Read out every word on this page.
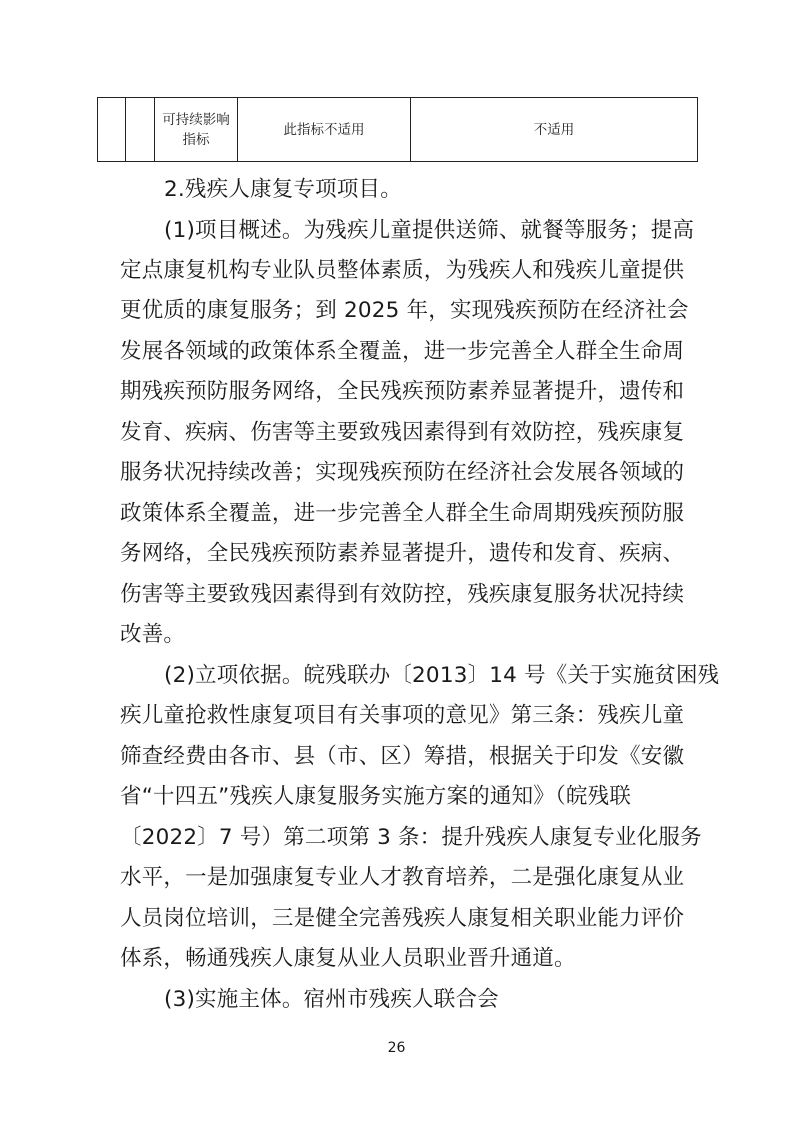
可持续影响
指标
	此指标不适用	不适用
2.残疾人康复专项项目。
(1)项目概述。为残疾儿童提供送筛、就餐等服务；提高
定点康复机构专业队员整体素质，为残疾人和残疾儿童提供
更优质的康复服务；到 2025 年，实现残疾预防在经济社会
发展各领域的政策体系全覆盖，进一步完善全人群全生命周
期残疾预防服务网络，全民残疾预防素养显著提升，遗传和
发育、疾病、伤害等主要致残因素得到有效防控，残疾康复
服务状况持续改善；实现残疾预防在经济社会发展各领域的
政策体系全覆盖，进一步完善全人群全生命周期残疾预防服
务网络，全民残疾预防素养显著提升，遗传和发育、疾病、
伤害等主要致残因素得到有效防控，残疾康复服务状况持续
改善。
(2)立项依据。皖残联办〔2013〕14 号《关于实施贫困残
疾儿童抢救性康复项目有关事项的意见》第三条：残疾儿童
筛查经费由各市、县（市、区）筹措，根据关于印发《安徽
省“十四五”残疾人康复服务实施方案的通知》（皖残联
〔2022〕7 号）第二项第 3 条：提升残疾人康复专业化服务
水平，一是加强康复专业人才教育培养，二是强化康复从业
人员岗位培训，三是健全完善残疾人康复相关职业能力评价
体系，畅通残疾人康复从业人员职业晋升通道。
(3)实施主体。宿州市残疾人联合会
26
